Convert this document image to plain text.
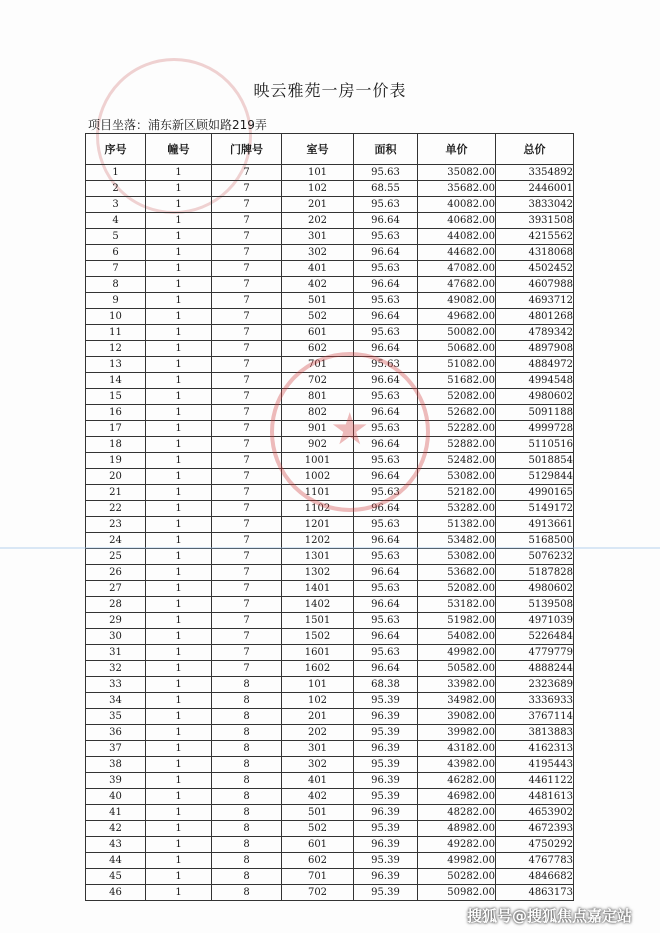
映云雅苑一房一价表
项目坐落：浦东新区顾如路219弄
序号	幢号	门牌号	室号	面积	单价	总价
1	1	7	101	95.63	35082.00	3354892
2	1	7	102	68.55	35682.00	2446001
3	1	7	201	95.63	40082.00	3833042
4	1	7	202	96.64	40682.00	3931508
5	1	7	301	95.63	44082.00	4215562
6	1	7	302	96.64	44682.00	4318068
7	1	7	401	95.63	47082.00	4502452
8	1	7	402	96.64	47682.00	4607988
9	1	7	501	95.63	49082.00	4693712
10	1	7	502	96.64	49682.00	4801268
11	1	7	601	95.63	50082.00	4789342
12	1	7	602	96.64	50682.00	4897908
13	1	7	701	95.63	51082.00	4884972
14	1	7	702	96.64	51682.00	4994548
15	1	7	801	95.63	52082.00	4980602
16	1	7	802	96.64	52682.00	5091188
17	1	7	901	95.63	52282.00	4999728
18	1	7	902	96.64	52882.00	5110516
19	1	7	1001	95.63	52482.00	5018854
20	1	7	1002	96.64	53082.00	5129844
21	1	7	1101	95.63	52182.00	4990165
22	1	7	1102	96.64	53282.00	5149172
23	1	7	1201	95.63	51382.00	4913661
24	1	7	1202	96.64	53482.00	5168500
25	1	7	1301	95.63	53082.00	5076232
26	1	7	1302	96.64	53682.00	5187828
27	1	7	1401	95.63	52082.00	4980602
28	1	7	1402	96.64	53182.00	5139508
29	1	7	1501	95.63	51982.00	4971039
30	1	7	1502	96.64	54082.00	5226484
31	1	7	1601	95.63	49982.00	4779779
32	1	7	1602	96.64	50582.00	4888244
33	1	8	101	68.38	33982.00	2323689
34	1	8	102	95.39	34982.00	3336933
35	1	8	201	96.39	39082.00	3767114
36	1	8	202	95.39	39982.00	3813883
37	1	8	301	96.39	43182.00	4162313
38	1	8	302	95.39	43982.00	4195443
39	1	8	401	96.39	46282.00	4461122
40	1	8	402	95.39	46982.00	4481613
41	1	8	501	96.39	48282.00	4653902
42	1	8	502	95.39	48982.00	4672393
43	1	8	601	96.39	49282.00	4750292
44	1	8	602	95.39	49982.00	4767783
45	1	8	701	96.39	50282.00	4846682
46	1	8	702	95.39	50982.00	4863173
★
搜狐号@搜狐焦点嘉定站
